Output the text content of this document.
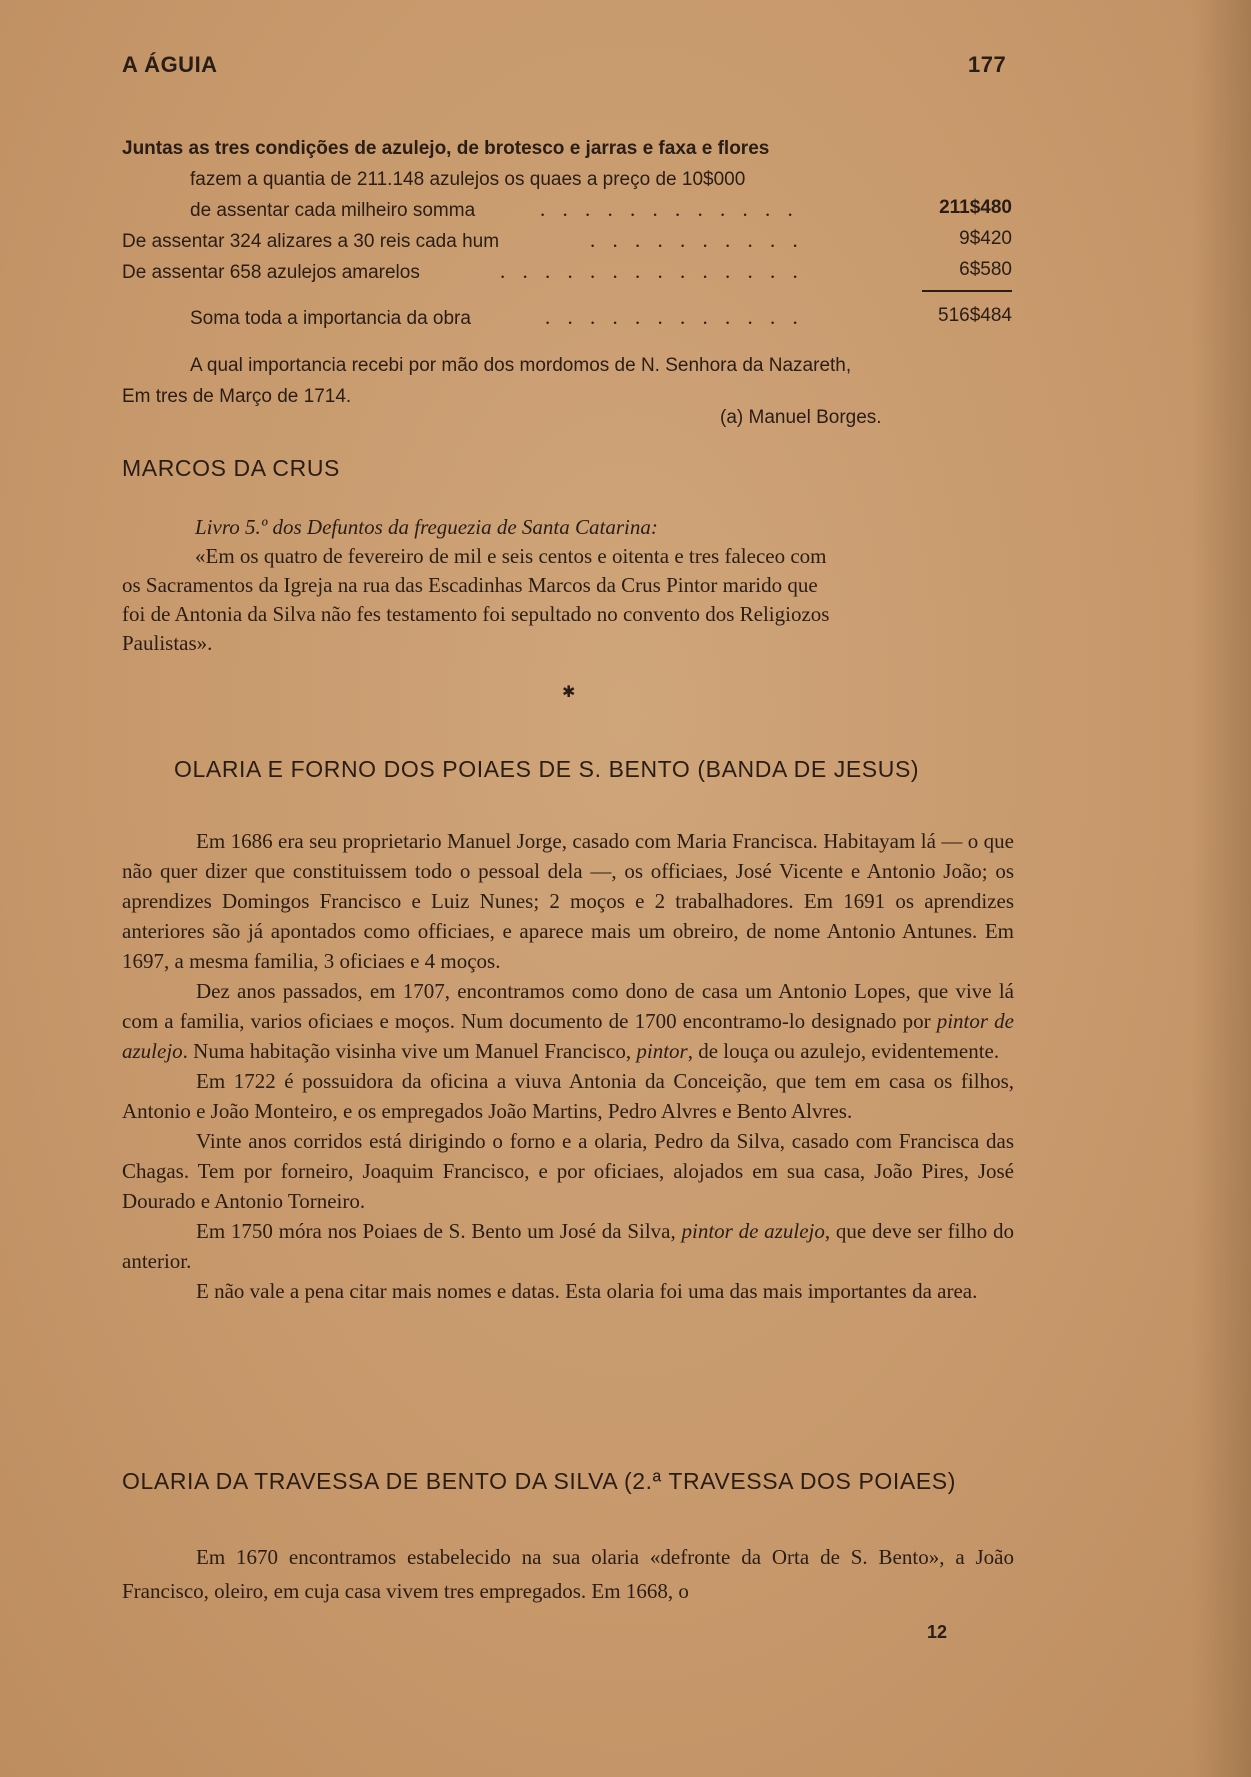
A ÁGUIA	177
Juntas as tres condições de azulejo, de brotesco e jarras e faxa e flores
fazem a quantia de 211.148 azulejos os quaes a preço de 10$000
de assentar cada milheiro somma	. . . . . . . . . . . .	211$480
De assentar 324 alizares a 30 reis cada hum	. . . . . . . . . .	9$420
De assentar 658 azulejos amarelos	. . . . . . . . . . . . . .	6$580
Soma toda a importancia da obra	. . . . . . . . . . . .	516$484
A qual importancia recebi por mão dos mordomos de N. Senhora da Nazareth,
Em tres de Março de 1714.
(a) Manuel Borges.
MARCOS DA CRUS
Livro 5.º dos Defuntos da freguezia de Santa Catarina:
«Em os quatro de fevereiro de mil e seis centos e oitenta e tres faleceo com
os Sacramentos da Igreja na rua das Escadinhas Marcos da Crus Pintor marido que
foi de Antonia da Silva não fes testamento foi sepultado no convento dos Religiozos
Paulistas».
✱
OLARIA E FORNO DOS POIAES DE S. BENTO (BANDA DE JESUS)

Em 1686 era seu proprietario Manuel Jorge, casado com Maria Francisca. Habitayam lá — o que não quer dizer que constituissem todo o pessoal dela —, os officiaes, José Vicente e Antonio João; os aprendizes Domingos Francisco e Luiz Nunes; 2 moços e 2 trabalhadores. Em 1691 os aprendizes anteriores são já apontados como officiaes, e aparece mais um obreiro, de nome Antonio Antunes. Em 1697, a mesma familia, 3 oficiaes e 4 moços.

Dez anos passados, em 1707, encontramos como dono de casa um Antonio Lopes, que vive lá com a familia, varios oficiaes e moços. Num documento de 1700 encontramo-lo designado por pintor de azulejo. Numa habitação visinha vive um Manuel Francisco, pintor, de louça ou azulejo, evidentemente.

Em 1722 é possuidora da oficina a viuva Antonia da Conceição, que tem em casa os filhos, Antonio e João Monteiro, e os empregados João Martins, Pedro Alvres e Bento Alvres.

Vinte anos corridos está dirigindo o forno e a olaria, Pedro da Silva, casado com Francisca das Chagas. Tem por forneiro, Joaquim Francisco, e por oficiaes, alojados em sua casa, João Pires, José Dourado e Antonio Torneiro.

Em 1750 móra nos Poiaes de S. Bento um José da Silva, pintor de azulejo, que deve ser filho do anterior.

E não vale a pena citar mais nomes e datas. Esta olaria foi uma das mais importantes da area.

OLARIA DA TRAVESSA DE BENTO DA SILVA (2.ª TRAVESSA DOS POIAES)

Em 1670 encontramos estabelecido na sua olaria «defronte da Orta de S. Bento», a João Francisco, oleiro, em cuja casa vivem tres empregados. Em 1668, o

12
